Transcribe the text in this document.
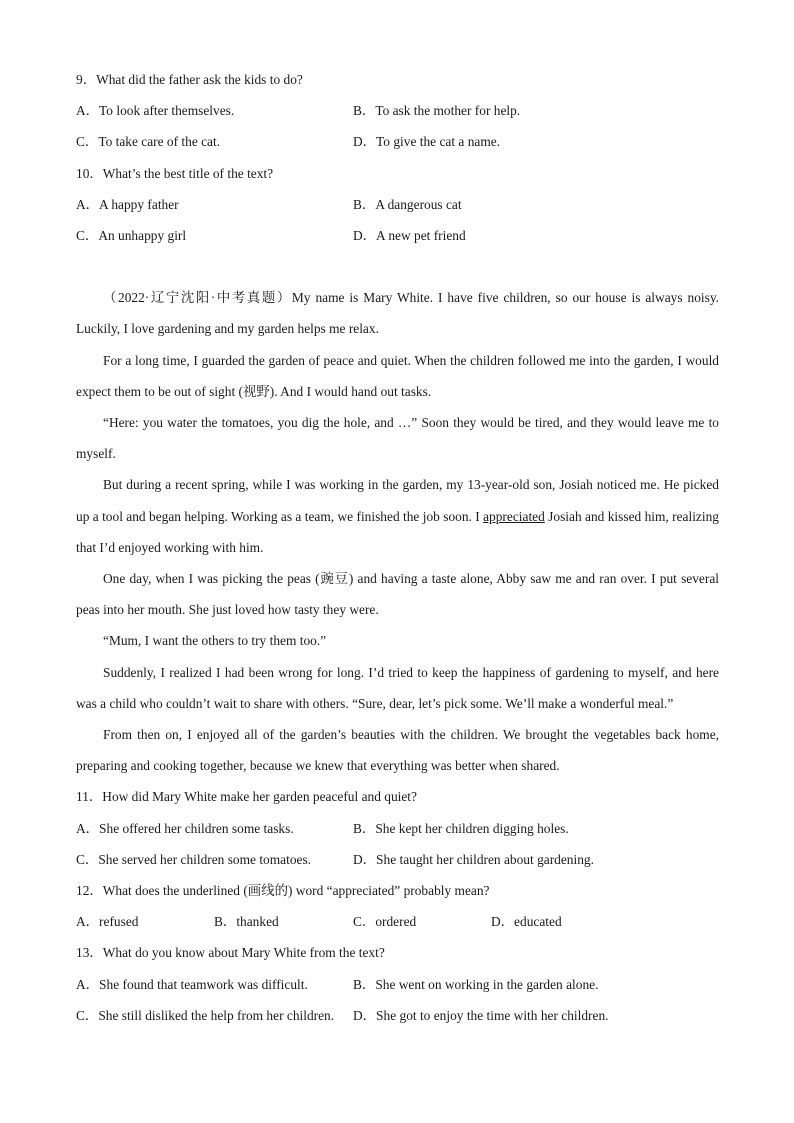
9．What did the father ask the kids to do?
A．To look after themselves.	B．To ask the mother for help.
C．To take care of the cat.	D．To give the cat a name.
10．What’s the best title of the text?
A．A happy father	B．A dangerous cat
C．An unhappy girl	D．A new pet friend

（2022·辽宁沈阳·中考真题）My name is Mary White. I have five children, so our house is always noisy. Luckily, I love gardening and my garden helps me relax.

For a long time, I guarded the garden of peace and quiet. When the children followed me into the garden, I would expect them to be out of sight (视野). And I would hand out tasks.

“Here: you water the tomatoes, you dig the hole, and …” Soon they would be tired, and they would leave me to myself.

But during a recent spring, while I was working in the garden, my 13-year-old son, Josiah noticed me. He picked up a tool and began helping. Working as a team, we finished the job soon. I appreciated Josiah and kissed him, realizing that I’d enjoyed working with him.

One day, when I was picking the peas (豌豆) and having a taste alone, Abby saw me and ran over. I put several peas into her mouth. She just loved how tasty they were.

“Mum, I want the others to try them too.”

Suddenly, I realized I had been wrong for long. I’d tried to keep the happiness of gardening to myself, and here was a child who couldn’t wait to share with others. “Sure, dear, let’s pick some. We’ll make a wonderful meal.”

From then on, I enjoyed all of the garden’s beauties with the children. We brought the vegetables back home, preparing and cooking together, because we knew that everything was better when shared.

11．How did Mary White make her garden peaceful and quiet?
A．She offered her children some tasks.	B．She kept her children digging holes.
C．She served her children some tomatoes.	D．She taught her children about gardening.
12．What does the underlined (画线的) word “appreciated” probably mean?
A．refused	B．thanked	C．ordered	D．educated
13．What do you know about Mary White from the text?
A．She found that teamwork was difficult.	B．She went on working in the garden alone.
C．She still disliked the help from her children. D．She got to enjoy the time with her children.
